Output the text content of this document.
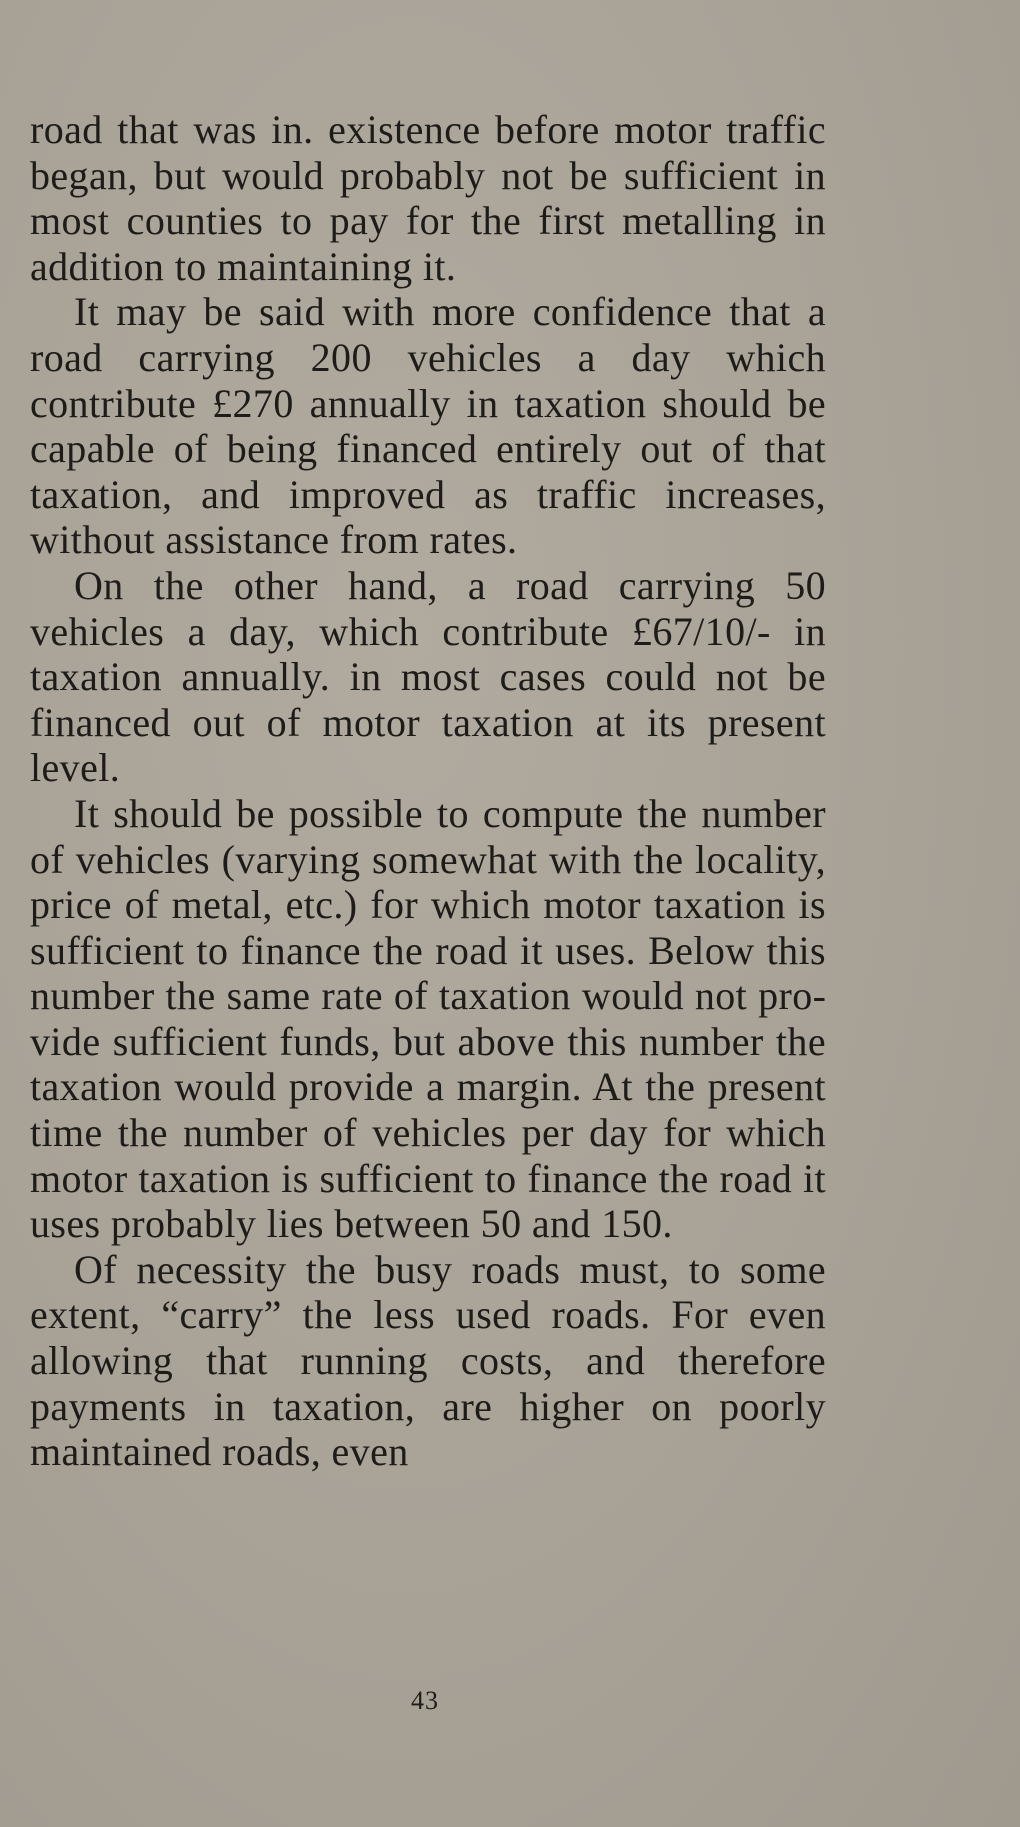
road that was in. existence before motor traffic began, but would probably not be sufficient in most counties to pay for the first metalling in addition to maintaining it.

It may be said with more confidence that a road carrying 200 vehicles a day which contribute £270 annually in taxation should be capable of being financed entirely out of that taxation, and improved as traffic increases, without assistance from rates.

On the other hand, a road carrying 50 vehicles a day, which contribute £67/10/- in taxation annually. in most cases could not be financed out of motor taxation at its present level.

It should be possible to compute the number of vehicles (varying somewhat with the locality, price of metal, etc.) for which motor taxation is sufficient to finance the road it uses. Below this number the same rate of taxation would not provide sufficient funds, but above this number the taxation would provide a margin. At the present time the number of vehicles per day for which motor taxation is sufficient to finance the road it uses probably lies between 50 and 150.

Of necessity the busy roads must, to some extent, “carry” the less used roads. For even allowing that running costs, and therefore payments in taxation, are higher on poorly maintained roads, even

43
